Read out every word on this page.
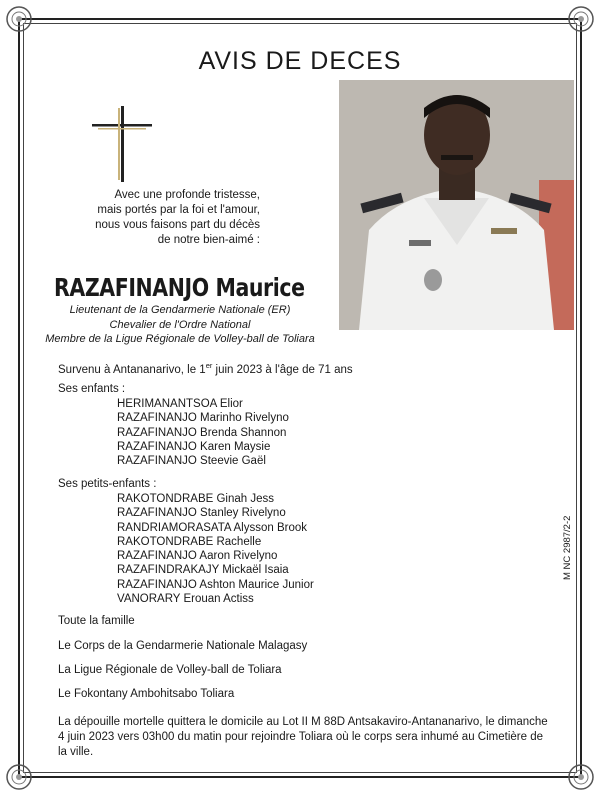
AVIS DE DECES
Avec une profonde tristesse,
mais portés par la foi et l'amour,
nous vous faisons part du décès
de notre bien-aimé :
RAZAFINANJO Maurice
Lieutenant de la Gendarmerie Nationale (ER)
Chevalier de l'Ordre National
Membre de la Ligue Régionale de Volley-ball de Toliara
Survenu à Antananarivo, le 1er juin 2023 à l'âge de 71 ans
Ses enfants :
HERIMANANTSOA Elior
RAZAFINANJO Marinho Rivelyno
RAZAFINANJO Brenda Shannon
RAZAFINANJO Karen Maysie
RAZAFINANJO Steevie Gaël
Ses petits-enfants :
RAKOTONDRABE Ginah Jess
RAZAFINANJO Stanley Rivelyno
RANDRIAMORASATA Alysson Brook
RAKOTONDRABE Rachelle
RAZAFINANJO Aaron Rivelyno
RAZAFINDRAKAJY Mickaël Isaia
RAZAFINANJO Ashton Maurice Junior
VANORARY Erouan Actiss
Toute la famille
Le Corps de la Gendarmerie Nationale Malagasy
La Ligue Régionale de Volley-ball de Toliara
Le Fokontany Ambohitsabo Toliara
La dépouille mortelle quittera le domicile au Lot II M 88D Antsakaviro-Antananarivo, le dimanche 4 juin 2023 vers 03h00 du matin pour rejoindre Toliara où le corps sera inhumé au Cimetière de la ville.
M NC 2987/2-2
